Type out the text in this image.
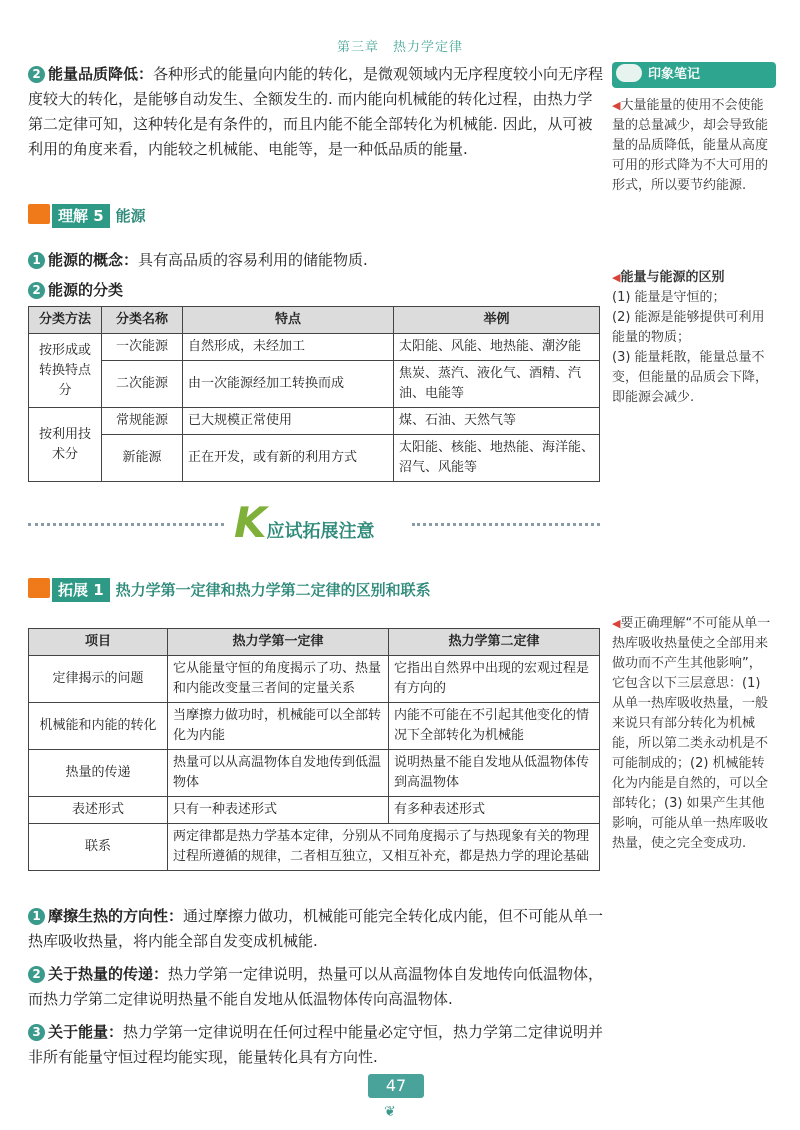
第三章　热力学定律
2 能量品质降低：各种形式的能量向内能的转化，是微观领域内无序程度较小向无序程度较大的转化，是能够自动发生、全额发生的. 而内能向机械能的转化过程，由热力学第二定律可知，这种转化是有条件的，而且内能不能全部转化为机械能. 因此，从可被利用的角度来看，内能较之机械能、电能等，是一种低品质的能量.
理解 5 能源
1 能源的概念：具有高品质的容易利用的储能物质.
2 能源的分类
分类方法	分类名称	特点	举例
按形成或转换特点分	一次能源	自然形成，未经加工	太阳能、风能、地热能、潮汐能
	二次能源	由一次能源经加工转换而成	焦炭、蒸汽、液化气、酒精、汽油、电能等
按利用技术分	常规能源	已大规模正常使用	煤、石油、天然气等
	新能源	正在开发，或有新的利用方式	太阳能、核能、地热能、海洋能、沼气、风能等
K应试拓展注意
拓展 1 热力学第一定律和热力学第二定律的区别和联系
项目	热力学第一定律	热力学第二定律
定律揭示的问题	它从能量守恒的角度揭示了功、热量和内能改变量三者间的定量关系	它指出自然界中出现的宏观过程是有方向的
机械能和内能的转化	当摩擦力做功时，机械能可以全部转化为内能	内能不可能在不引起其他变化的情况下全部转化为机械能
热量的传递	热量可以从高温物体自发地传到低温物体	说明热量不能自发地从低温物体传到高温物体
表述形式	只有一种表述形式	有多种表述形式
联系	两定律都是热力学基本定律，分别从不同角度揭示了与热现象有关的物理过程所遵循的规律，二者相互独立，又相互补充，都是热力学的理论基础	
1 摩擦生热的方向性：通过摩擦力做功，机械能可能完全转化成内能，但不可能从单一热库吸收热量，将内能全部自发变成机械能.
2 关于热量的传递：热力学第一定律说明，热量可以从高温物体自发地传向低温物体，而热力学第二定律说明热量不能自发地从低温物体传向高温物体.
3 关于能量：热力学第一定律说明在任何过程中能量必定守恒，热力学第二定律说明并非所有能量守恒过程均能实现，能量转化具有方向性.
印象笔记
◀大量能量的使用不会使能量的总量减少，却会导致能量的品质降低，能量从高度可用的形式降为不大可用的形式，所以要节约能源.
◀能量与能源的区别
(1) 能量是守恒的；
(2) 能源是能够提供可利用能量的物质；
(3) 能量耗散，能量总量不变，但能量的品质会下降，即能源会减少.
◀要正确理解“不可能从单一热库吸收热量使之全部用来做功而不产生其他影响”，它包含以下三层意思：(1) 从单一热库吸收热量，一般来说只有部分转化为机械能，所以第二类永动机是不可能制成的；(2) 机械能转化为内能是自然的，可以全部转化；(3) 如果产生其他影响，可能从单一热库吸收热量，使之完全变成功.
47
❦
